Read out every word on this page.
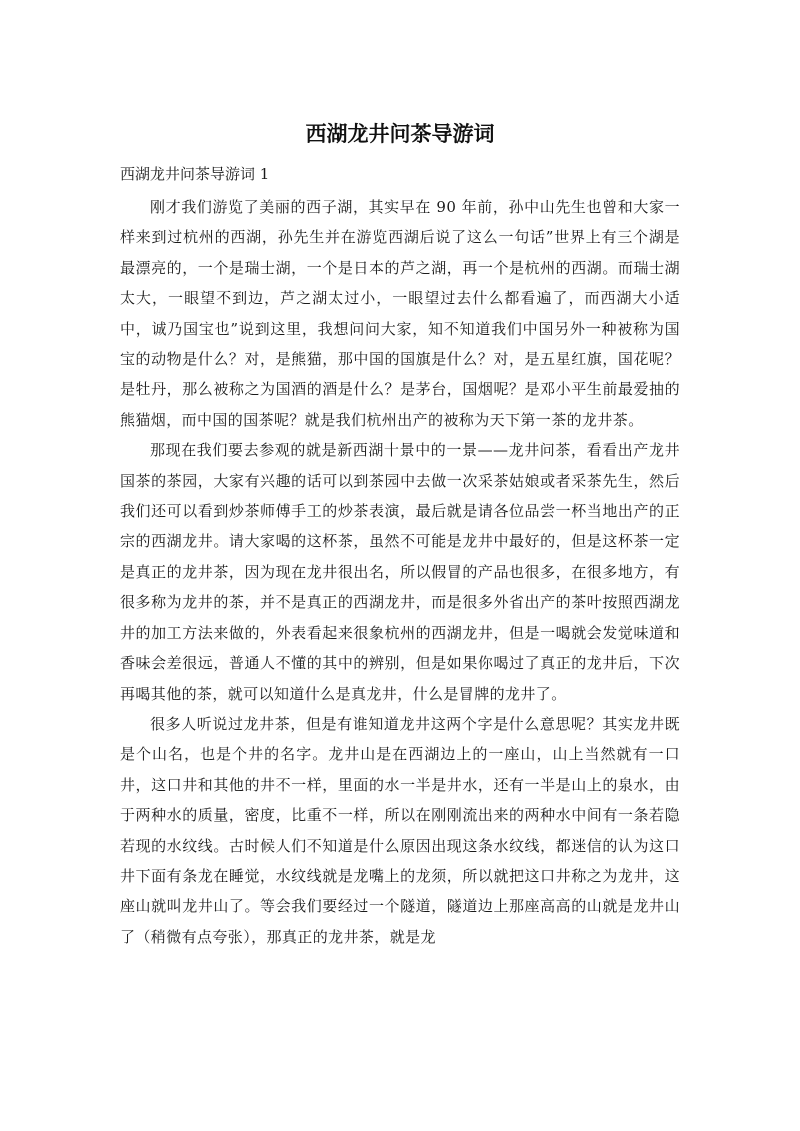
西湖龙井问茶导游词

西湖龙井问茶导游词 1

刚才我们游览了美丽的西子湖，其实早在 90 年前，孙中山先生也曾和大家一样来到过杭州的西湖，孙先生并在游览西湖后说了这么一句话”世界上有三个湖是最漂亮的，一个是瑞士湖，一个是日本的芦之湖，再一个是杭州的西湖。而瑞士湖太大，一眼望不到边，芦之湖太过小，一眼望过去什么都看遍了，而西湖大小适中，诚乃国宝也”说到这里，我想问问大家，知不知道我们中国另外一种被称为国宝的动物是什么？对，是熊猫，那中国的国旗是什么？对，是五星红旗，国花呢？是牡丹，那么被称之为国酒的酒是什么？是茅台，国烟呢？是邓小平生前最爱抽的熊猫烟，而中国的国茶呢？就是我们杭州出产的被称为天下第一茶的龙井茶。

那现在我们要去参观的就是新西湖十景中的一景——龙井问茶，看看出产龙井国茶的茶园，大家有兴趣的话可以到茶园中去做一次采茶姑娘或者采茶先生，然后我们还可以看到炒茶师傅手工的炒茶表演，最后就是请各位品尝一杯当地出产的正宗的西湖龙井。请大家喝的这杯茶，虽然不可能是龙井中最好的，但是这杯茶一定是真正的龙井茶，因为现在龙井很出名，所以假冒的产品也很多，在很多地方，有很多称为龙井的茶，并不是真正的西湖龙井，而是很多外省出产的茶叶按照西湖龙井的加工方法来做的，外表看起来很象杭州的西湖龙井，但是一喝就会发觉味道和香味会差很远，普通人不懂的其中的辨别，但是如果你喝过了真正的龙井后，下次再喝其他的茶，就可以知道什么是真龙井，什么是冒牌的龙井了。

很多人听说过龙井茶，但是有谁知道龙井这两个字是什么意思呢？其实龙井既是个山名，也是个井的名字。龙井山是在西湖边上的一座山，山上当然就有一口井，这口井和其他的井不一样，里面的水一半是井水，还有一半是山上的泉水，由于两种水的质量，密度，比重不一样，所以在刚刚流出来的两种水中间有一条若隐若现的水纹线。古时候人们不知道是什么原因出现这条水纹线，都迷信的认为这口井下面有条龙在睡觉，水纹线就是龙嘴上的龙须，所以就把这口井称之为龙井，这座山就叫龙井山了。等会我们要经过一个隧道，隧道边上那座高高的山就是龙井山了（稍微有点夸张），那真正的龙井茶，就是龙
